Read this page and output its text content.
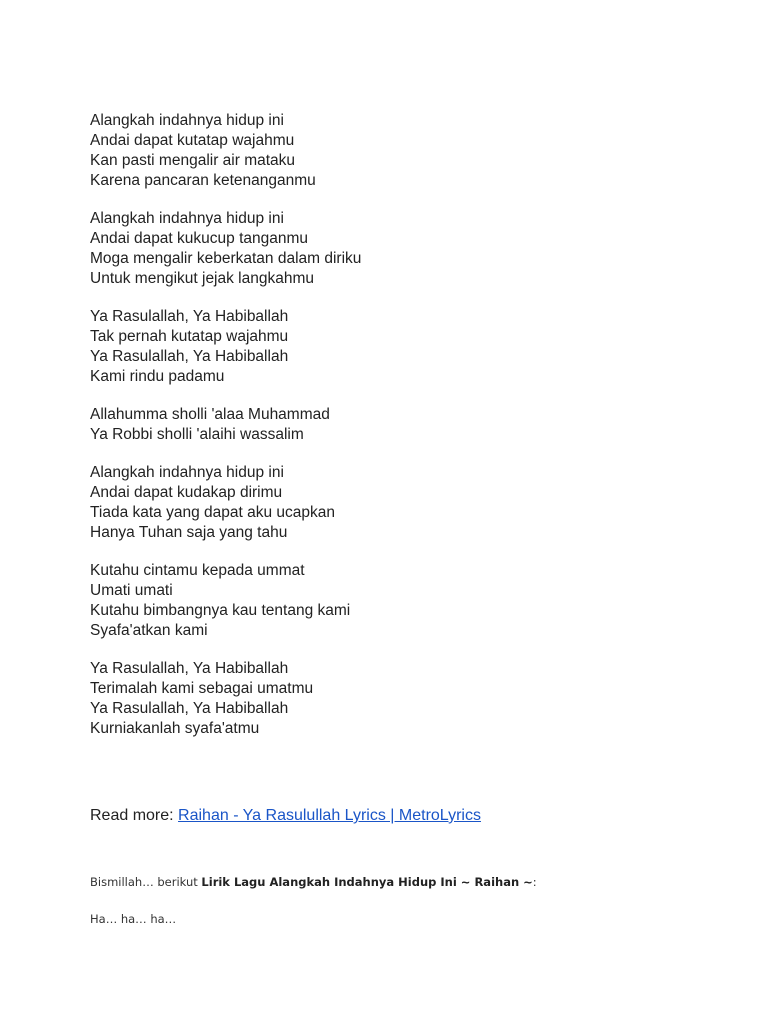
Alangkah indahnya hidup ini
Andai dapat kutatap wajahmu
Kan pasti mengalir air mataku
Karena pancaran ketenanganmu
Alangkah indahnya hidup ini
Andai dapat kukucup tanganmu
Moga mengalir keberkatan dalam diriku
Untuk mengikut jejak langkahmu
Ya Rasulallah, Ya Habiballah
Tak pernah kutatap wajahmu
Ya Rasulallah, Ya Habiballah
Kami rindu padamu
Allahumma sholli 'alaa Muhammad
Ya Robbi sholli 'alaihi wassalim
Alangkah indahnya hidup ini
Andai dapat kudakap dirimu
Tiada kata yang dapat aku ucapkan
Hanya Tuhan saja yang tahu
Kutahu cintamu kepada ummat
Umati umati
Kutahu bimbangnya kau tentang kami
Syafa'atkan kami
Ya Rasulallah, Ya Habiballah
Terimalah kami sebagai umatmu
Ya Rasulallah, Ya Habiballah
Kurniakanlah syafa'atmu
Read more: Raihan - Ya Rasulullah Lyrics | MetroLyrics
Bismillah… berikut Lirik Lagu Alangkah Indahnya Hidup Ini ~ Raihan ~:
Ha… ha… ha…
